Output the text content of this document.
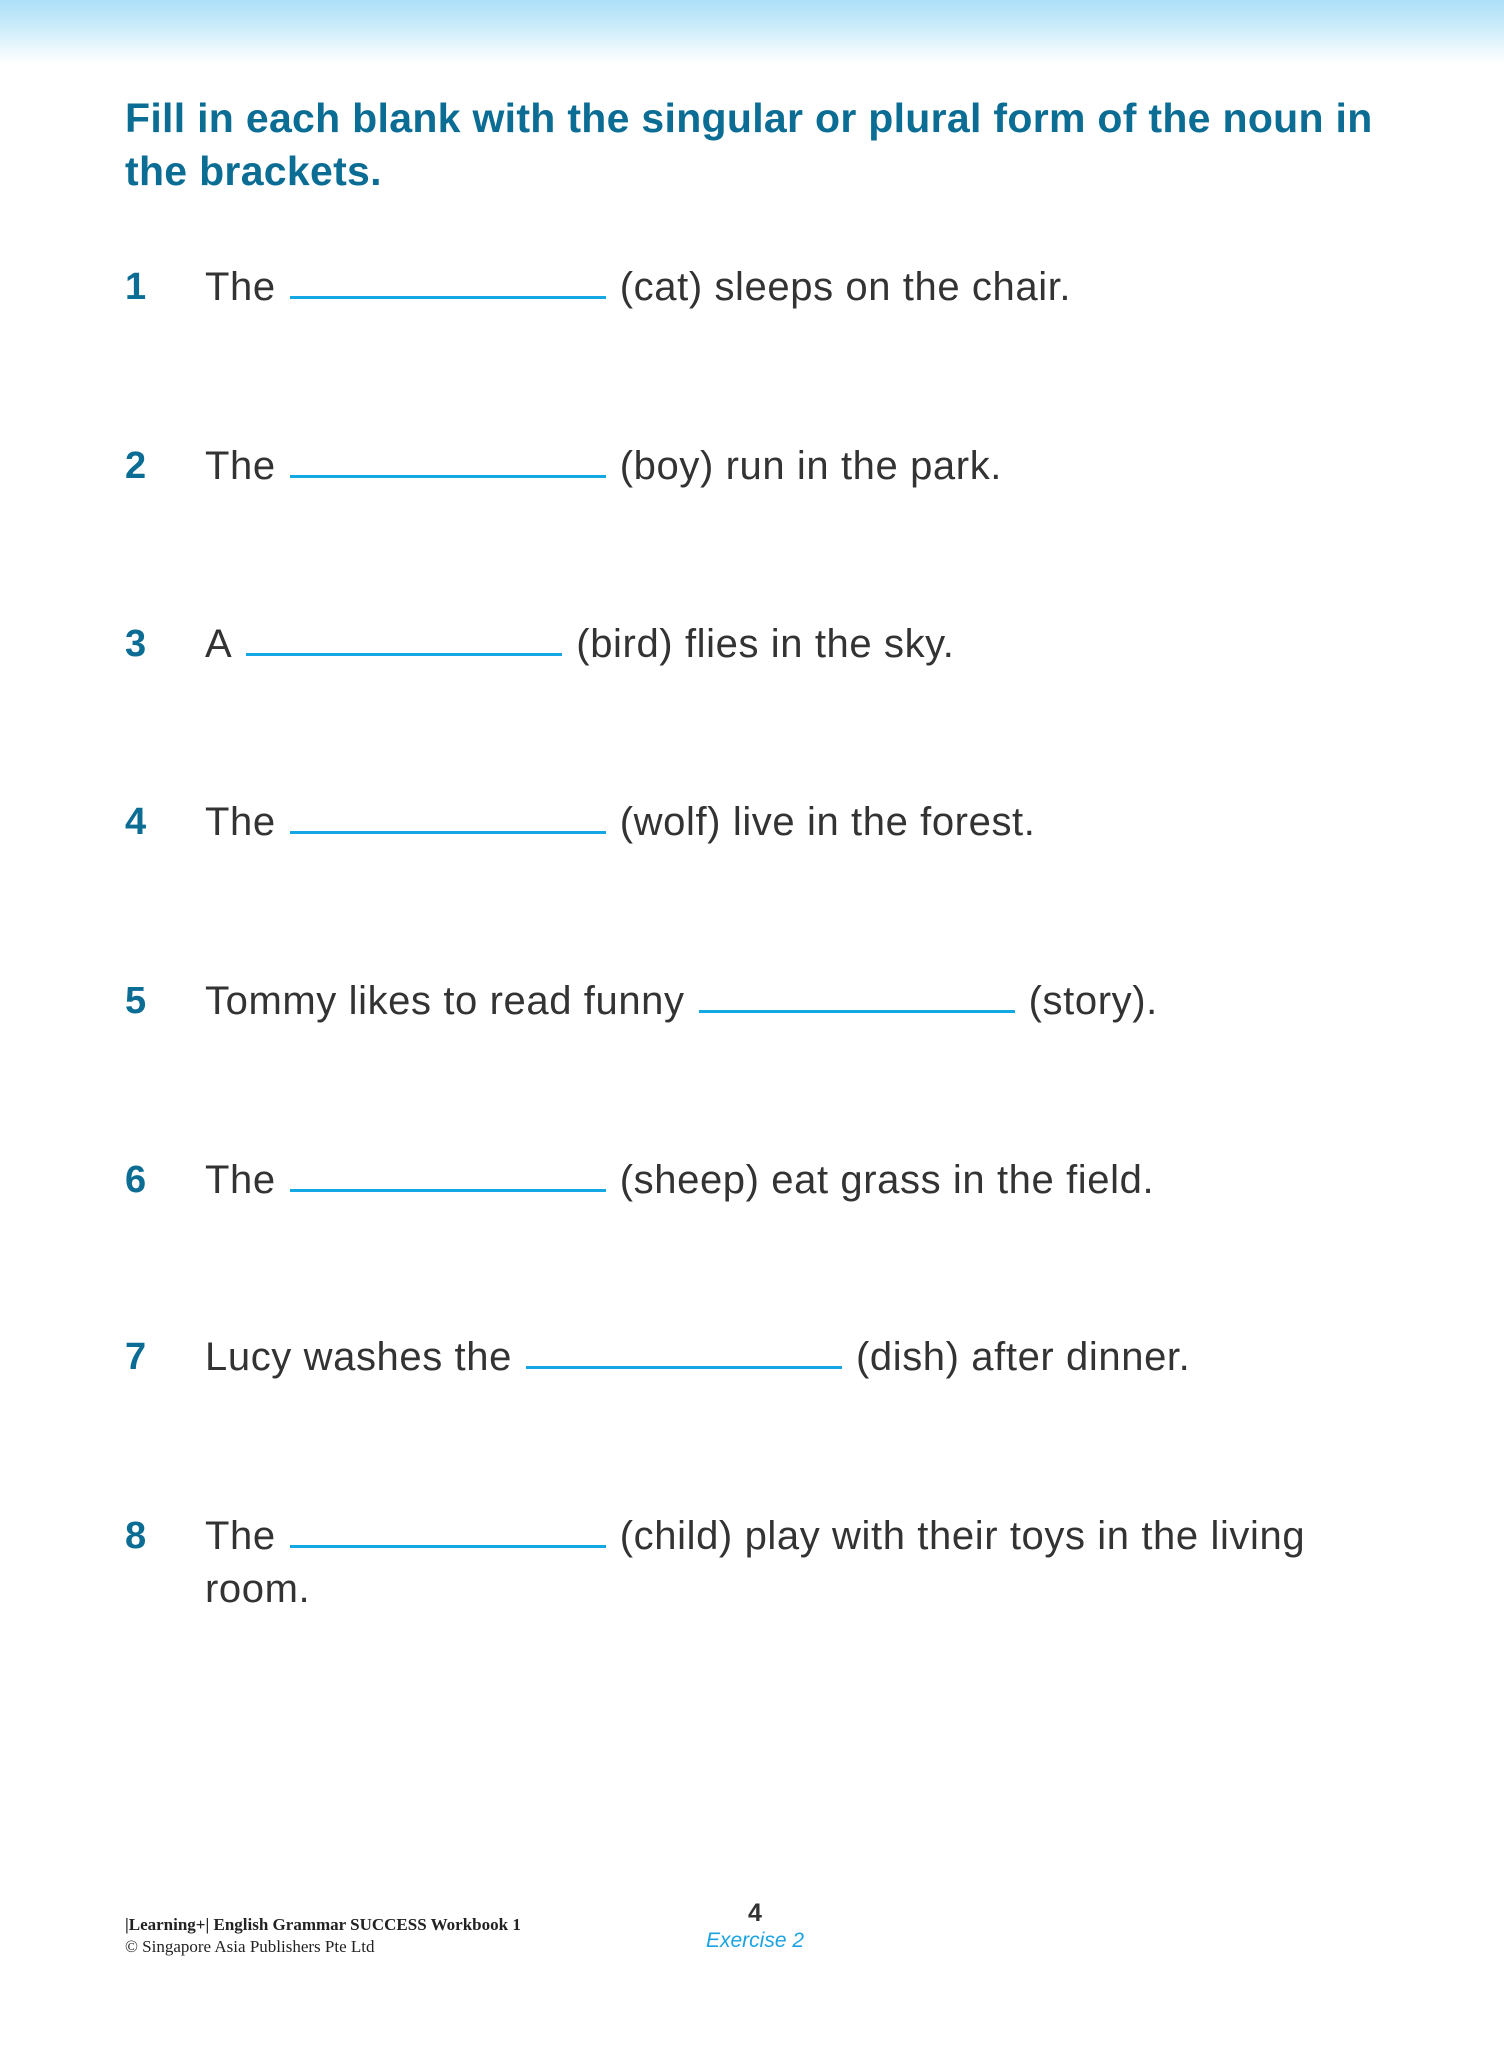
Fill in each blank with the singular or plural form of the noun in the brackets.
1 The	(cat) sleeps on the chair.
2 The	(boy) run in the park.
3 A	(bird) flies in the sky.
4 The	(wolf) live in the forest.
5 Tommy likes to read funny	(story).
6 The	(sheep) eat grass in the field.
7 Lucy washes the	(dish) after dinner.
8 The	(child) play with their toys in the living
room.
|Learning+| English Grammar SUCCESS Workbook 1
© Singapore Asia Publishers Pte Ltd
4
Exercise 2
